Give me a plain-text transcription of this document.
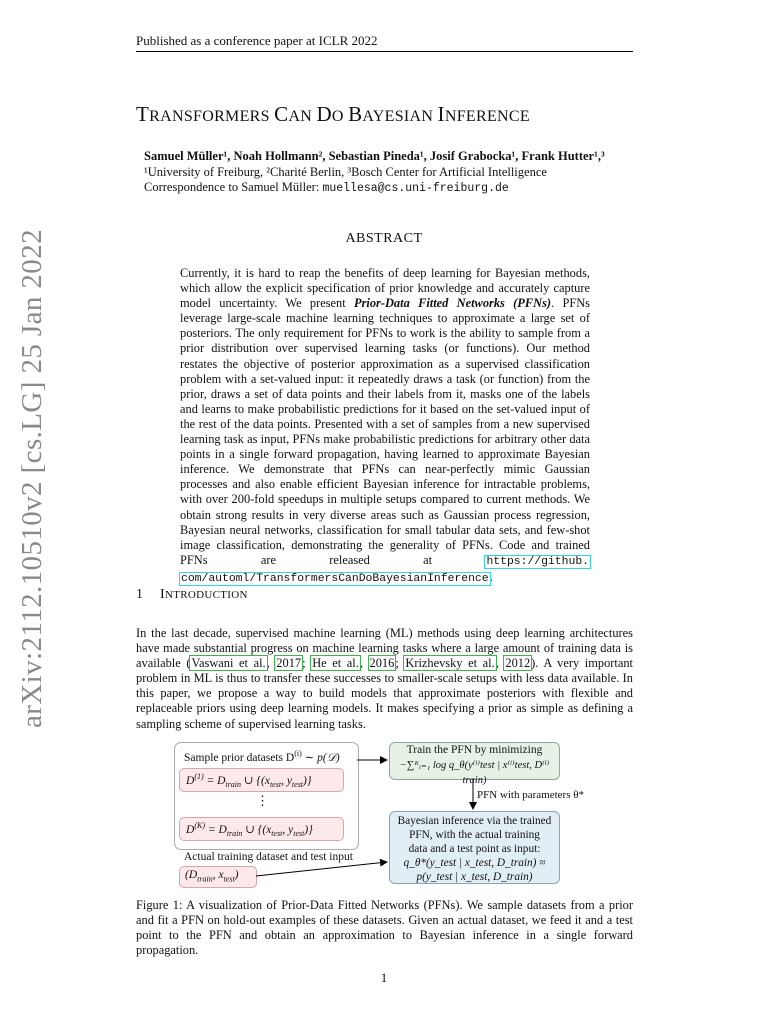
Published as a conference paper at ICLR 2022
TRANSFORMERS CAN DO BAYESIAN INFERENCE
Samuel Müller¹, Noah Hollmann², Sebastian Pineda¹, Josif Grabocka¹, Frank Hutter¹,³
¹University of Freiburg, ²Charité Berlin, ³Bosch Center for Artificial Intelligence
Correspondence to Samuel Müller: muellesa@cs.uni-freiburg.de
ABSTRACT
Currently, it is hard to reap the benefits of deep learning for Bayesian methods, which allow the explicit specification of prior knowledge and accurately capture model uncertainty. We present Prior-Data Fitted Networks (PFNs). PFNs leverage large-scale machine learning techniques to approximate a large set of posteriors. The only requirement for PFNs to work is the ability to sample from a prior distribution over supervised learning tasks (or functions). Our method restates the objective of posterior approximation as a supervised classification problem with a set-valued input: it repeatedly draws a task (or function) from the prior, draws a set of data points and their labels from it, masks one of the labels and learns to make probabilistic predictions for it based on the set-valued input of the rest of the data points. Presented with a set of samples from a new supervised learning task as input, PFNs make probabilistic predictions for arbitrary other data points in a single forward propagation, having learned to approximate Bayesian inference. We demonstrate that PFNs can near-perfectly mimic Gaussian processes and also enable efficient Bayesian inference for intractable problems, with over 200-fold speedups in multiple setups compared to current methods. We obtain strong results in very diverse areas such as Gaussian process regression, Bayesian neural networks, classification for small tabular data sets, and few-shot image classification, demonstrating the generality of PFNs. Code and trained PFNs are released at https://github. com/automl/TransformersCanDoBayesianInference.
arXiv:2112.10510v2 [cs.LG] 25 Jan 2022	1 INTRODUCTION
In the last decade, supervised machine learning (ML) methods using deep learning architectures have made substantial progress on machine learning tasks where a large amount of training data is available (Vaswani et al., 2017; He et al., 2016; Krizhevsky et al., 2012). A very important problem in ML is thus to transfer these successes to smaller-scale setups with less data available. In this paper, we propose a way to build models that approximate posteriors with flexible and replaceable priors using deep learning models. It makes specifying a prior as simple as defining a sampling scheme of supervised learning tasks.
Sample prior datasets $D^{(i)}$ ∼ p(𝒟)
$D^{(1)} = D_{train}$ ∪ {($x_{test}$, $y_{test}$)}
⋮
$D^{(K)} = D_{train}$ ∪ {($x_{test}$, $y_{test}$)}
Actual training dataset and test input
($D_{train}$, $x_{test}$)
Train the PFN by minimizing
−∑ᴷᵢ₌₁ log q_θ(y⁽ⁱ⁾test | x⁽ⁱ⁾test, D⁽ⁱ⁾train)
PFN with parameters θ*
Bayesian inference via the trained
PFN, with the actual training
data and a test point as input:
q_θ*(y_test | x_test, D_train) ≈
p(y_test | x_test, D_train)
Figure 1: A visualization of Prior-Data Fitted Networks (PFNs). We sample datasets from a prior and fit a PFN on hold-out examples of these datasets. Given an actual dataset, we feed it and a test point to the PFN and obtain an approximation to Bayesian inference in a single forward propagation.
1
